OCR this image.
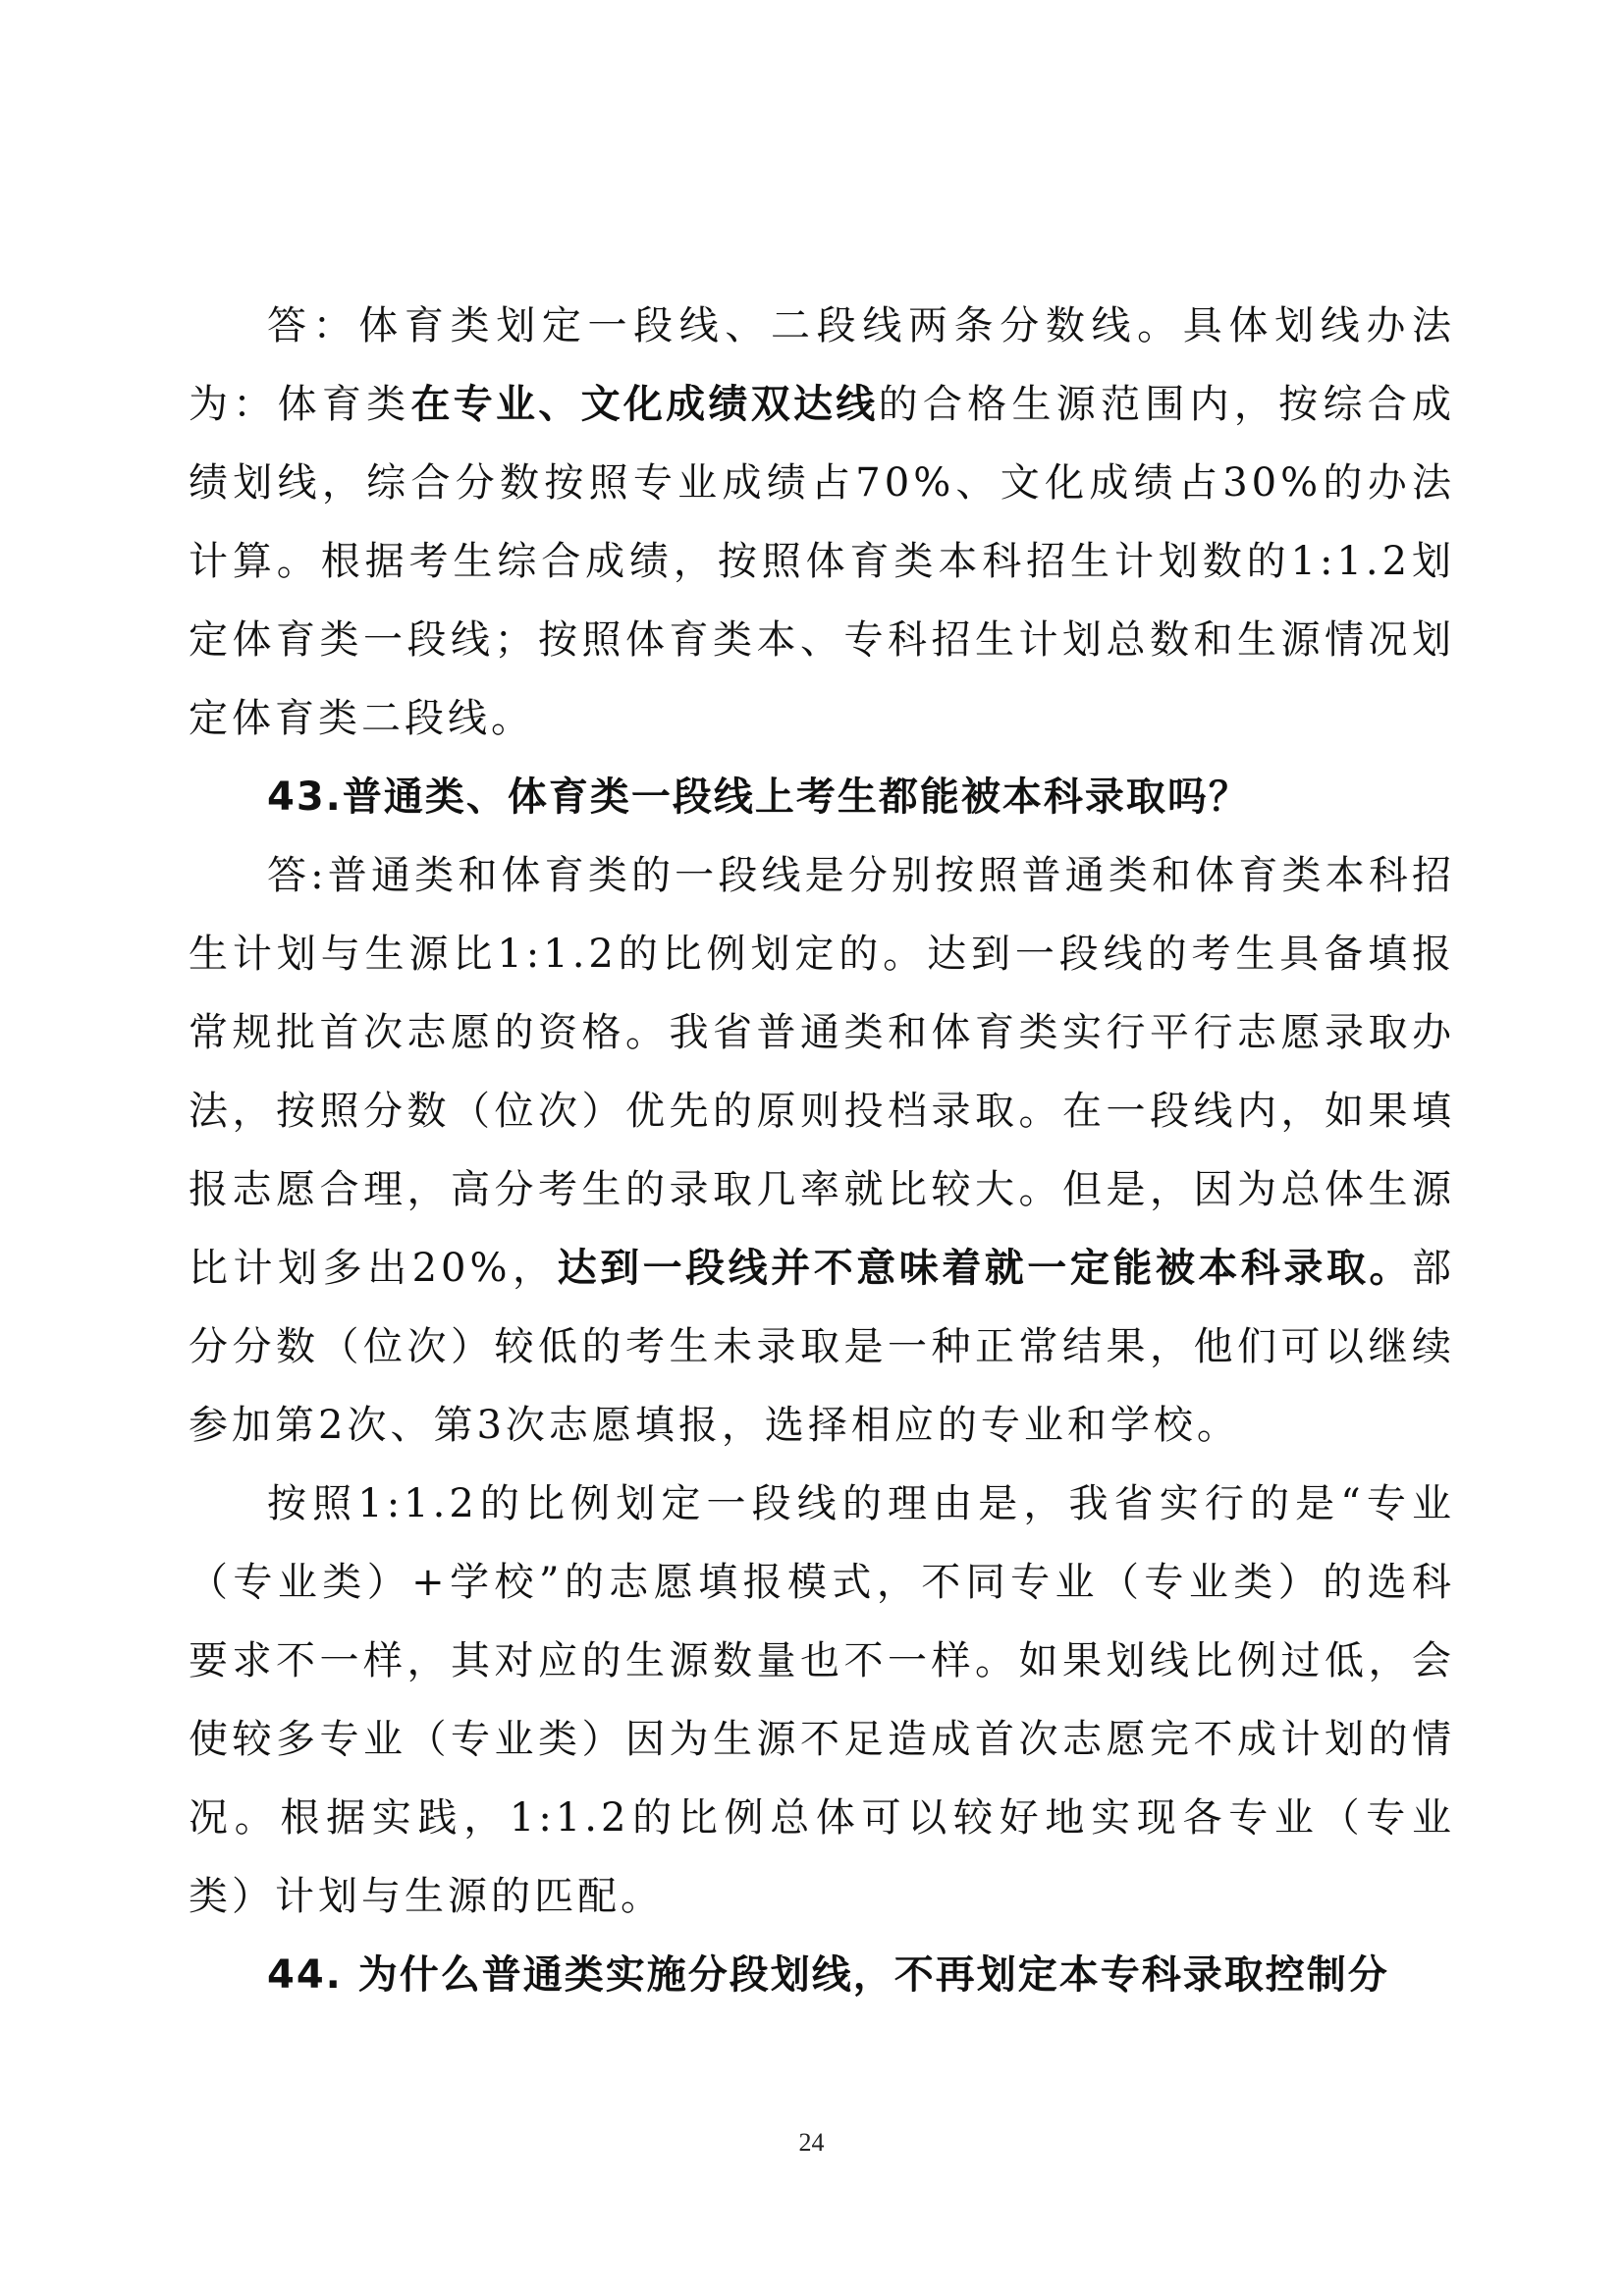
答：体育类划定一段线、二段线两条分数线。具体划线办法为：体育类在专业、文化成绩双达线的合格生源范围内，按综合成绩划线，综合分数按照专业成绩占70%、文化成绩占30%的办法计算。根据考生综合成绩，按照体育类本科招生计划数的1:1.2划定体育类一段线；按照体育类本、专科招生计划总数和生源情况划定体育类二段线。

43.普通类、体育类一段线上考生都能被本科录取吗？

答:普通类和体育类的一段线是分别按照普通类和体育类本科招生计划与生源比1:1.2的比例划定的。达到一段线的考生具备填报常规批首次志愿的资格。我省普通类和体育类实行平行志愿录取办法，按照分数（位次）优先的原则投档录取。在一段线内，如果填报志愿合理，高分考生的录取几率就比较大。但是，因为总体生源比计划多出20%，达到一段线并不意味着就一定能被本科录取。部分分数（位次）较低的考生未录取是一种正常结果，他们可以继续参加第2次、第3次志愿填报，选择相应的专业和学校。

按照1:1.2的比例划定一段线的理由是，我省实行的是“专业（专业类）+学校”的志愿填报模式，不同专业（专业类）的选科要求不一样，其对应的生源数量也不一样。如果划线比例过低，会使较多专业（专业类）因为生源不足造成首次志愿完不成计划的情况。根据实践，1:1.2的比例总体可以较好地实现各专业（专业类）计划与生源的匹配。

44. 为什么普通类实施分段划线，不再划定本专科录取控制分

24
